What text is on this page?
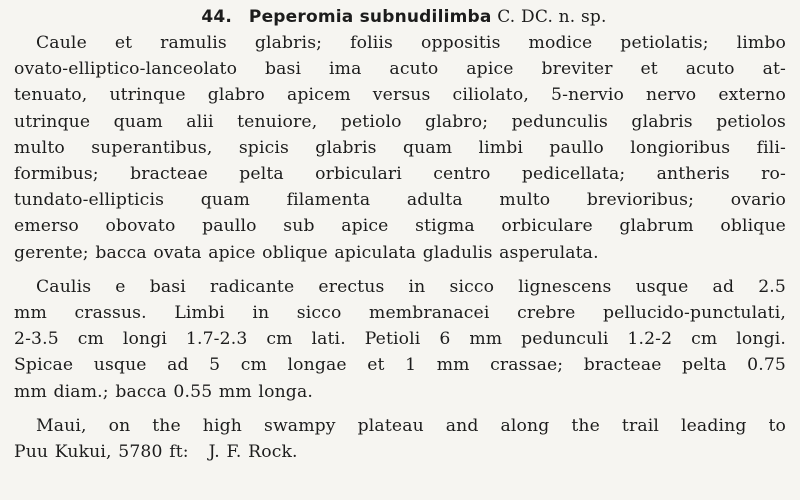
44. Peperomia subnudilimba C. DC. n. sp.
Caule et ramulis glabris; foliis oppositis modice petiolatis; limbo
ovato-elliptico-lanceolato basi ima acuto apice breviter et acuto at-
tenuato, utrinque glabro apicem versus ciliolato, 5-nervio nervo externo
utrinque quam alii tenuiore, petiolo glabro; pedunculis glabris petiolos
multo superantibus, spicis glabris quam limbi paullo longioribus fili-
formibus; bracteae pelta orbiculari centro pedicellata; antheris ro-
tundato-ellipticis quam filamenta adulta multo brevioribus; ovario
emerso obovato paullo sub apice stigma orbiculare glabrum oblique
gerente; bacca ovata apice oblique apiculata gladulis asperulata.
Caulis e basi radicante erectus in sicco lignescens usque ad 2.5
mm crassus. Limbi in sicco membranacei crebre pellucido-punctulati,
2-3.5 cm longi 1.7-2.3 cm lati. Petioli 6 mm pedunculi 1.2-2 cm longi.
Spicae usque ad 5 cm longae et 1 mm crassae; bracteae pelta 0.75
mm diam.; bacca 0.55 mm longa.
Maui, on the high swampy plateau and along the trail leading to
Puu Kukui, 5780 ft: J. F. Rock.
